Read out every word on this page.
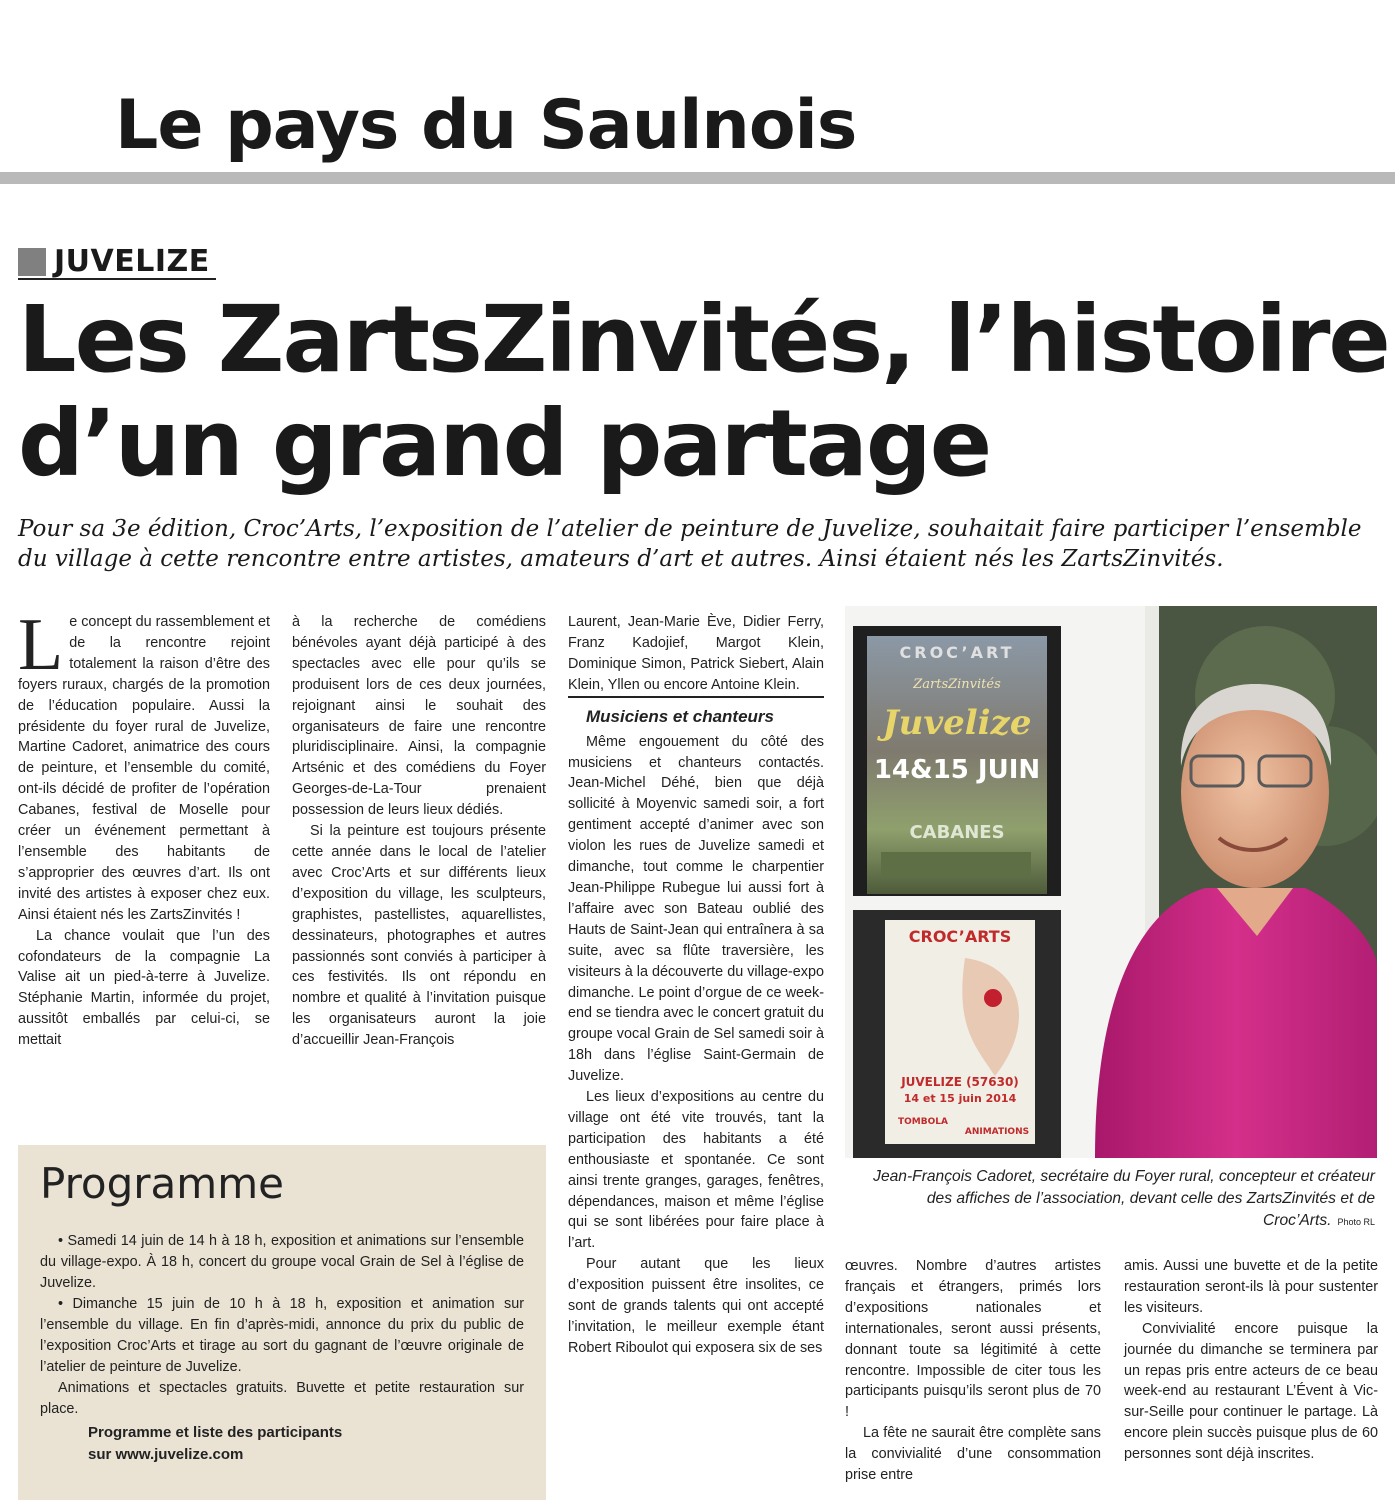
Le pays du Saulnois
JUVELIZE
Les ZartsZinvités, l’histoire
d’un grand partage
Pour sa 3e édition, Croc’Arts, l’exposition de l’atelier de peinture de Juvelize, souhaitait faire participer l’ensemble du village à cette rencontre entre artistes, amateurs d’art et autres. Ainsi étaient nés les ZartsZinvités.

Le concept du rassemblement et de la rencontre rejoint totalement la raison d’être des foyers ruraux, chargés de la promotion de l’éducation populaire. Aussi la présidente du foyer rural de Juvelize, Martine Cadoret, animatrice des cours de peinture, et l’ensemble du comité, ont-ils décidé de profiter de l’opération Cabanes, festival de Moselle pour créer un événement permettant à l’ensemble des habitants de s’approprier des œuvres d’art. Ils ont invité des artistes à exposer chez eux. Ainsi étaient nés les ZartsZinvités !

La chance voulait que l’un des cofondateurs de la compagnie La Valise ait un pied-à-terre à Juvelize. Stéphanie Martin, informée du projet, aussitôt emballés par celui-ci, se mettait

à la recherche de comédiens bénévoles ayant déjà participé à des spectacles avec elle pour qu’ils se produisent lors de ces deux journées, rejoignant ainsi le souhait des organisateurs de faire une rencontre pluridisciplinaire. Ainsi, la compagnie Artsénic et des comédiens du Foyer Georges-de-La-Tour prenaient possession de leurs lieux dédiés.

Si la peinture est toujours présente cette année dans le local de l’atelier avec Croc’Arts et sur différents lieux d’exposition du village, les sculpteurs, graphistes, pastellistes, aquarellistes, dessinateurs, photographes et autres passionnés sont conviés à participer à ces festivités. Ils ont répondu en nombre et qualité à l’invitation puisque les organisateurs auront la joie d’accueillir Jean-François

Laurent, Jean-Marie Ève, Didier Ferry, Franz Kadojief, Margot Klein, Dominique Simon, Patrick Siebert, Alain Klein, Yllen ou encore Antoine Klein.

Musiciens et chanteurs

Même engouement du côté des musiciens et chanteurs contactés. Jean-Michel Déhé, bien que déjà sollicité à Moyenvic samedi soir, a fort gentiment accepté d’animer avec son violon les rues de Juvelize samedi et dimanche, tout comme le charpentier Jean-Philippe Rubegue lui aussi fort à l’affaire avec son Bateau oublié des Hauts de Saint-Jean qui entraînera à sa suite, avec sa flûte traversière, les visiteurs à la découverte du village-expo dimanche. Le point d’orgue de ce week-end se tiendra avec le concert gratuit du groupe vocal Grain de Sel samedi soir à 18h dans l’église Saint-Germain de Juvelize.

Les lieux d’expositions au centre du village ont été vite trouvés, tant la participation des habitants a été enthousiaste et spontanée. Ce sont ainsi trente granges, garages, fenêtres, dépendances, maison et même l’église qui se sont libérées pour faire place à l’art.

Pour autant que les lieux d’exposition puissent être insolites, ce sont de grands talents qui ont accepté l’invitation, le meilleur exemple étant Robert Riboulot qui exposera six de ses

œuvres. Nombre d’autres artistes français et étrangers, primés lors d’expositions nationales et internationales, seront aussi présents, donnant toute sa légitimité à cette rencontre. Impossible de citer tous les participants puisqu’ils seront plus de 70 !

La fête ne saurait être complète sans la convivialité d’une consommation prise entre

amis. Aussi une buvette et de la petite restauration seront-ils là pour sustenter les visiteurs.

Convivialité encore puisque la journée du dimanche se terminera par un repas pris entre acteurs de ce beau week-end au restaurant L’Évent à Vic-sur-Seille pour continuer le partage. Là encore plein succès puisque plus de 60 personnes sont déjà inscrites.

Programme

• Samedi 14 juin de 14 h à 18 h, exposition et animations sur l’ensemble du village-expo. À 18 h, concert du groupe vocal Grain de Sel à l’église de Juvelize.

• Dimanche 15 juin de 10 h à 18 h, exposition et animation sur l’ensemble du village. En fin d’après-midi, annonce du prix du public de l’exposition Croc’Arts et tirage au sort du gagnant de l’œuvre originale de l’atelier de peinture de Juvelize.

Animations et spectacles gratuits. Buvette et petite restauration sur place.

Programme et liste des participants
sur www.juvelize.com
CROC’ART
ZartsZinvités
Juvelize
14&15 JUIN
CABANES
CROC’ARTS
JUVELIZE (57630)
14 et 15 juin 2014
TOMBOLA
ANIMATIONS
Jean-François Cadoret, secrétaire du Foyer rural, concepteur et créateur des affiches de l’association, devant celle des ZartsZinvités et de Croc’Arts. Photo RL
